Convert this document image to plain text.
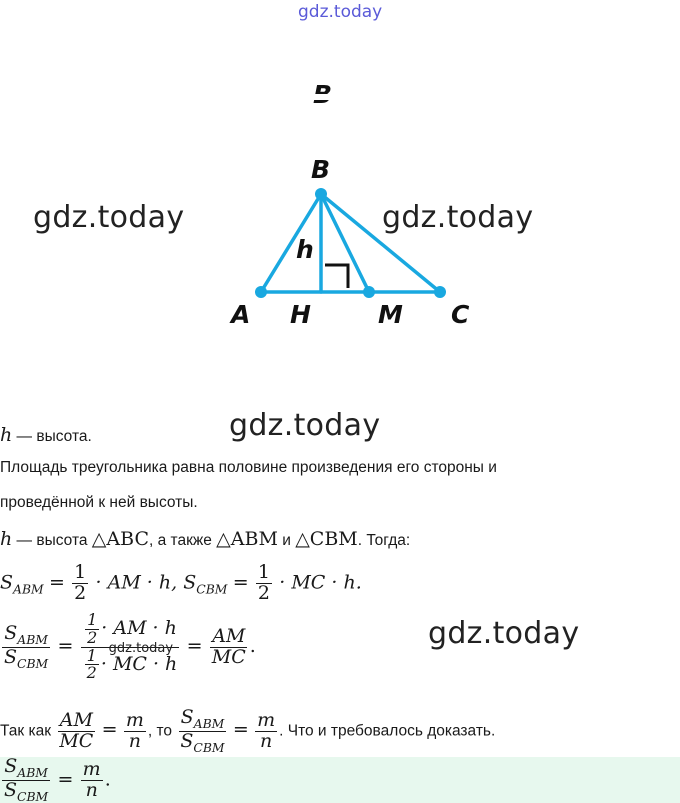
gdz.today
gdz.today	gdz.today
gdz.today
gdz.today
B
h
A H	M C
h — высота.
Площадь треугольника равна половине произведения его стороны и
проведённой к ней высоты.
h — высота △ABC, а также △ABM и △CBM. Тогда:
$S_{ABM} = \frac{1}{2}$ · AM · h, $S_{CBM} = \frac{1}{2}$ · MC · h.
$\frac{S_{ABM}}{S_{CBM}} = \frac{1}{2}$ · AM · h
$\frac{1}{2}$ · MC · h
gdz.today = $\frac{AM}{MC}$ .
Так как $\frac{AM}{MC} = \frac{m}{n}$ , то $\frac{S_{ABM}}{S_{CBM}} = \frac{m}{n}$ . Что и требовалось доказать.
$\frac{S_{ABM}}{S_{CBM}} = \frac{m}{n}$ .
